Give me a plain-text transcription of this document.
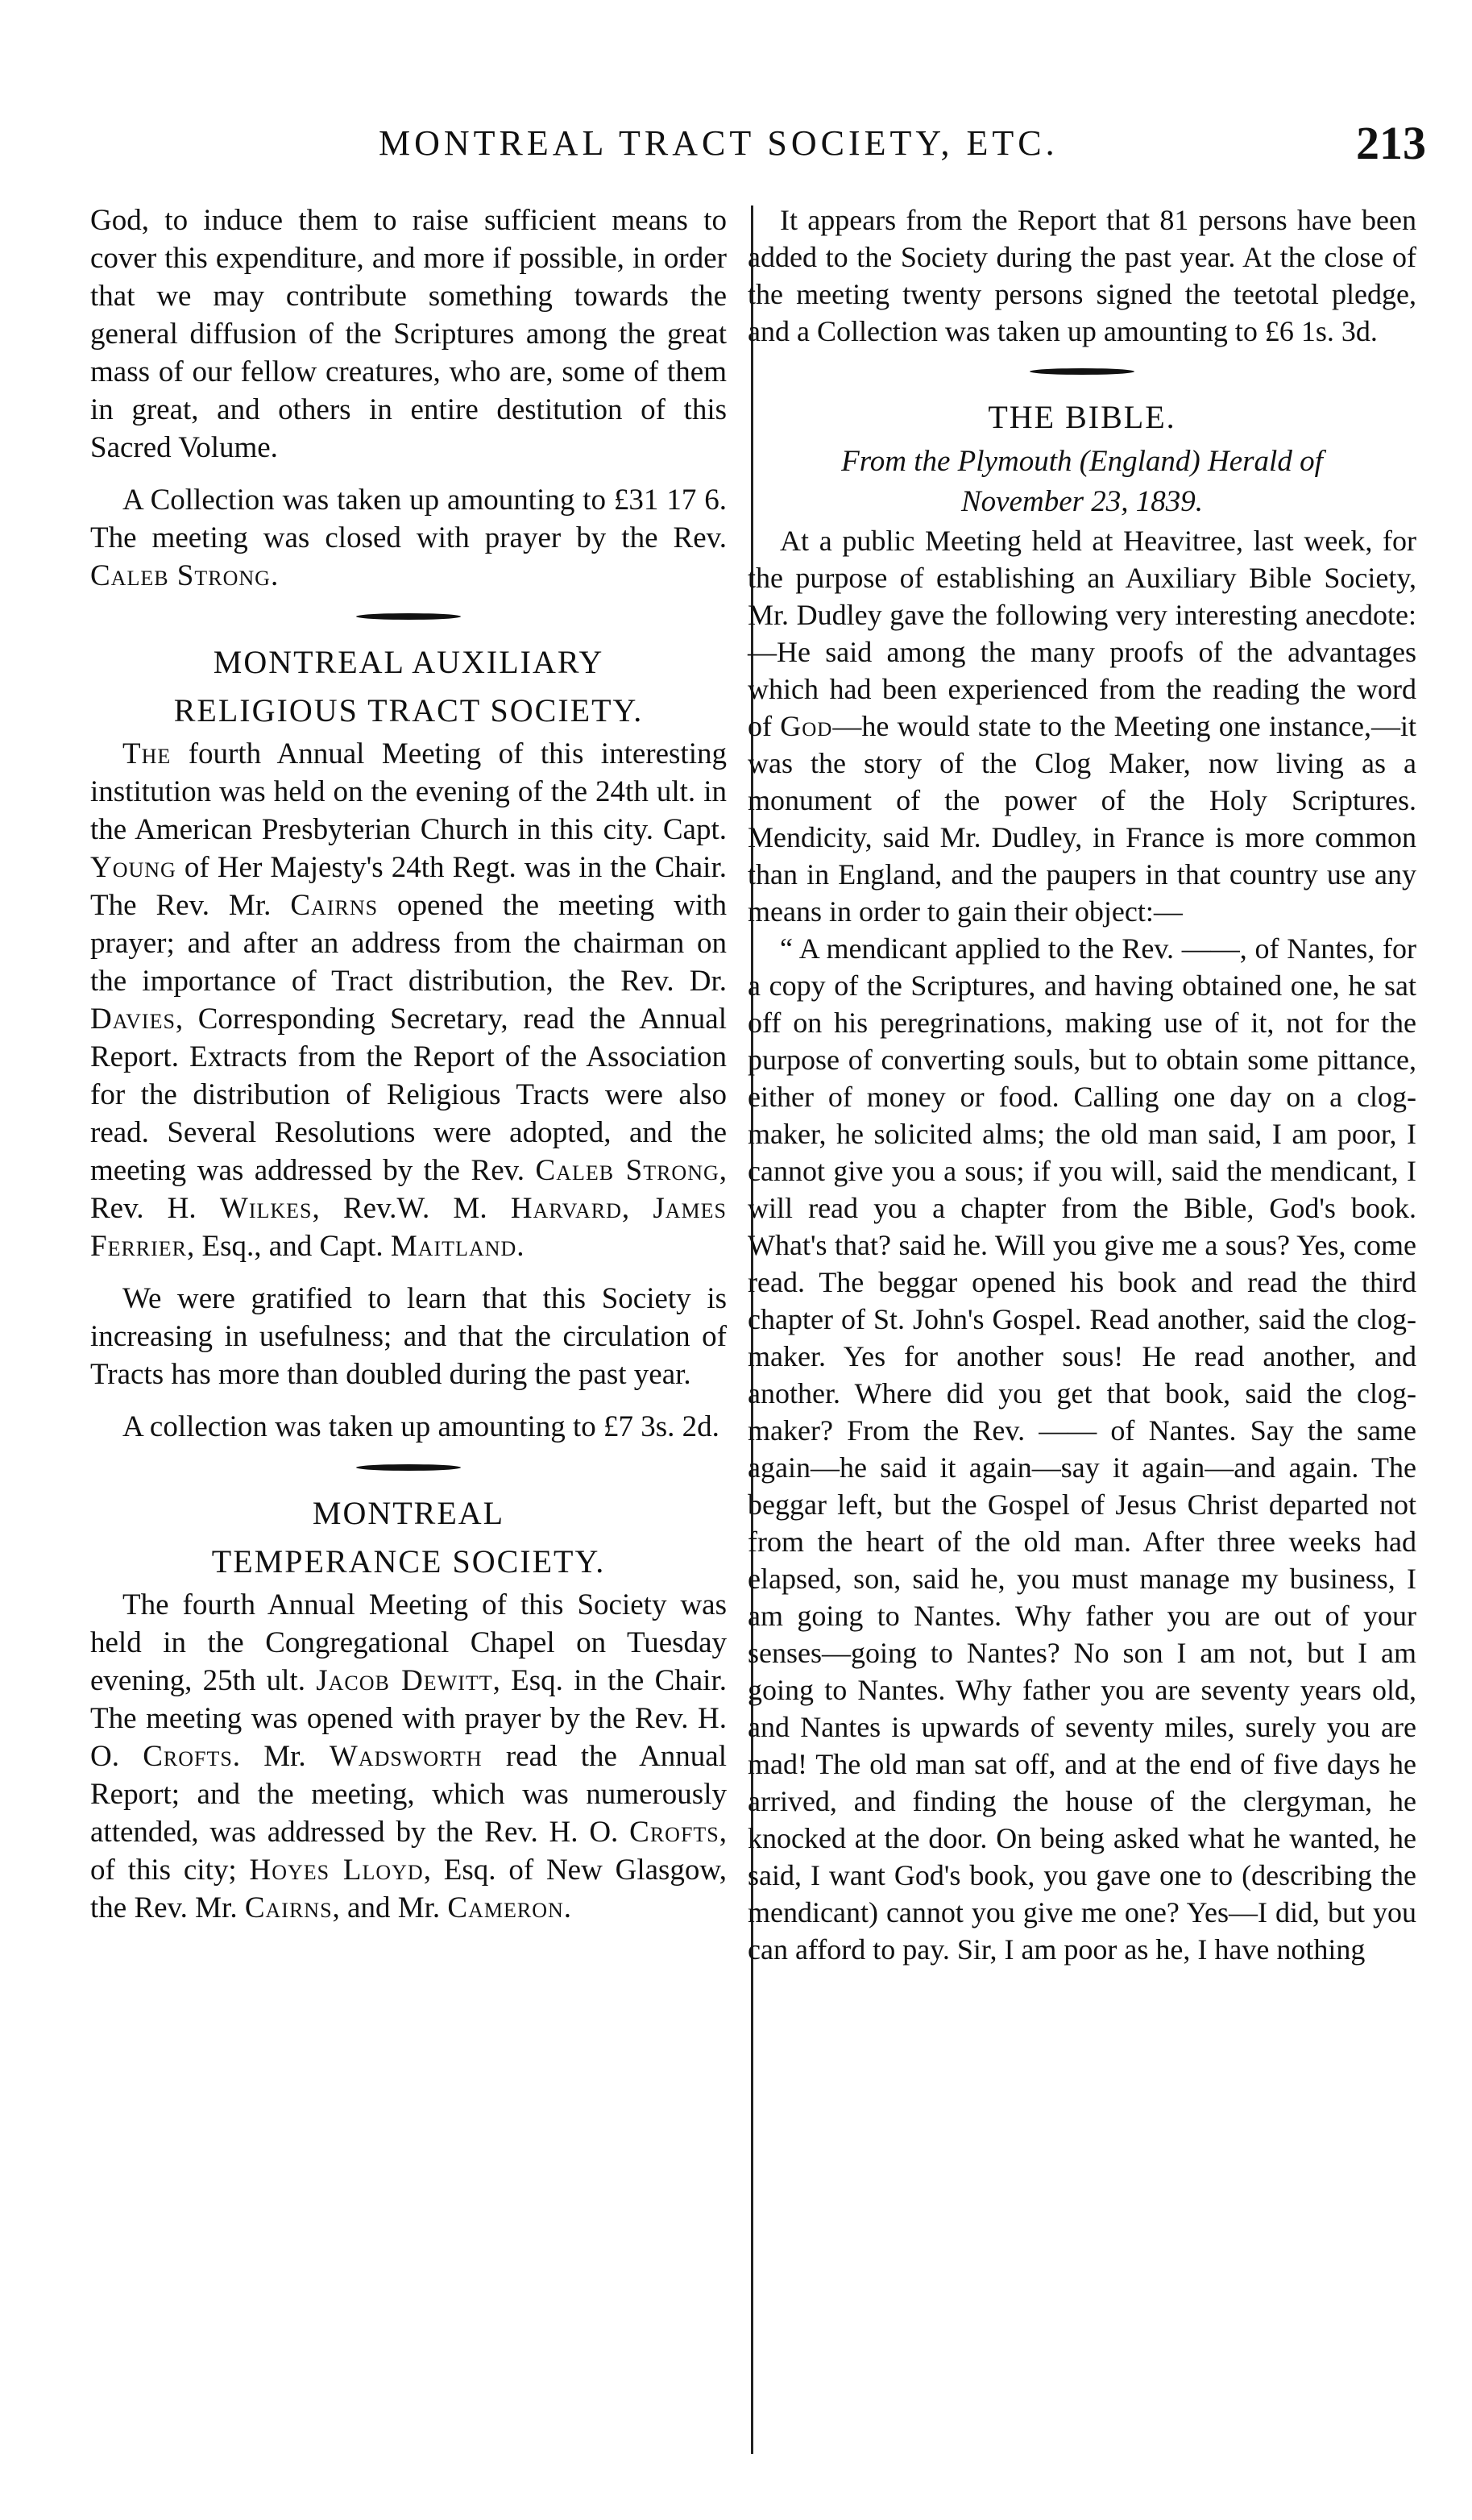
MONTREAL TRACT SOCIETY, ETC.	213

God, to induce them to raise sufficient means to cover this expenditure, and more if possible, in order that we may contribute something towards the general diffusion of the Scriptures among the great mass of our fellow creatures, who are, some of them in great, and others in entire destitution of this Sacred Volume.

A Collection was taken up amounting to £31 17 6. The meeting was closed with prayer by the Rev. Caleb Strong.

MONTREAL AUXILIARY

RELIGIOUS TRACT SOCIETY.

The fourth Annual Meeting of this interesting institution was held on the evening of the 24th ult. in the American Presbyterian Church in this city. Capt. Young of Her Majesty's 24th Regt. was in the Chair. The Rev. Mr. Cairns opened the meeting with prayer; and after an address from the chairman on the importance of Tract distribution, the Rev. Dr. Davies, Corresponding Secretary, read the Annual Report. Extracts from the Report of the Association for the distribution of Religious Tracts were also read. Several Resolutions were adopted, and the meeting was addressed by the Rev. Caleb Strong, Rev. H. Wilkes, Rev.W. M. Harvard, James Ferrier, Esq., and Capt. Maitland.

We were gratified to learn that this Society is increasing in usefulness; and that the circulation of Tracts has more than doubled during the past year.

A collection was taken up amounting to £7 3s. 2d.

MONTREAL

TEMPERANCE SOCIETY.

The fourth Annual Meeting of this Society was held in the Congregational Chapel on Tuesday evening, 25th ult. Jacob Dewitt, Esq. in the Chair. The meeting was opened with prayer by the Rev. H. O. Crofts. Mr. Wadsworth read the Annual Report; and the meeting, which was numerously attended, was addressed by the Rev. H. O. Crofts, of this city; Hoyes Lloyd, Esq. of New Glasgow, the Rev. Mr. Cairns, and Mr. Cameron.

It appears from the Report that 81 persons have been added to the Society during the past year. At the close of the meeting twenty persons signed the teetotal pledge, and a Collection was taken up amounting to £6 1s. 3d.

THE BIBLE.

From the Plymouth (England) Herald of

November 23, 1839.

At a public Meeting held at Heavitree, last week, for the purpose of establishing an Auxiliary Bible Society, Mr. Dudley gave the following very interesting anecdote: —He said among the many proofs of the advantages which had been experienced from the reading the word of God—he would state to the Meeting one instance,—it was the story of the Clog Maker, now living as a monument of the power of the Holy Scriptures. Mendicity, said Mr. Dudley, in France is more common than in England, and the paupers in that country use any means in order to gain their object:—

“ A mendicant applied to the Rev. ——, of Nantes, for a copy of the Scriptures, and having obtained one, he sat off on his peregrinations, making use of it, not for the purpose of converting souls, but to obtain some pittance, either of money or food. Calling one day on a clog-maker, he solicited alms; the old man said, I am poor, I cannot give you a sous; if you will, said the mendicant, I will read you a chapter from the Bible, God's book. What's that? said he. Will you give me a sous? Yes, come read. The beggar opened his book and read the third chapter of St. John's Gospel. Read another, said the clog-maker. Yes for another sous! He read another, and another. Where did you get that book, said the clog-maker? From the Rev. —— of Nantes. Say the same again—he said it again—say it again—and again. The beggar left, but the Gospel of Jesus Christ departed not from the heart of the old man. After three weeks had elapsed, son, said he, you must manage my business, I am going to Nantes. Why father you are out of your senses—going to Nantes? No son I am not, but I am going to Nantes. Why father you are seventy years old, and Nantes is upwards of seventy miles, surely you are mad! The old man sat off, and at the end of five days he arrived, and finding the house of the clergyman, he knocked at the door. On being asked what he wanted, he said, I want God's book, you gave one to (describing the mendicant) cannot you give me one? Yes—I did, but you can afford to pay. Sir, I am poor as he, I have nothing
